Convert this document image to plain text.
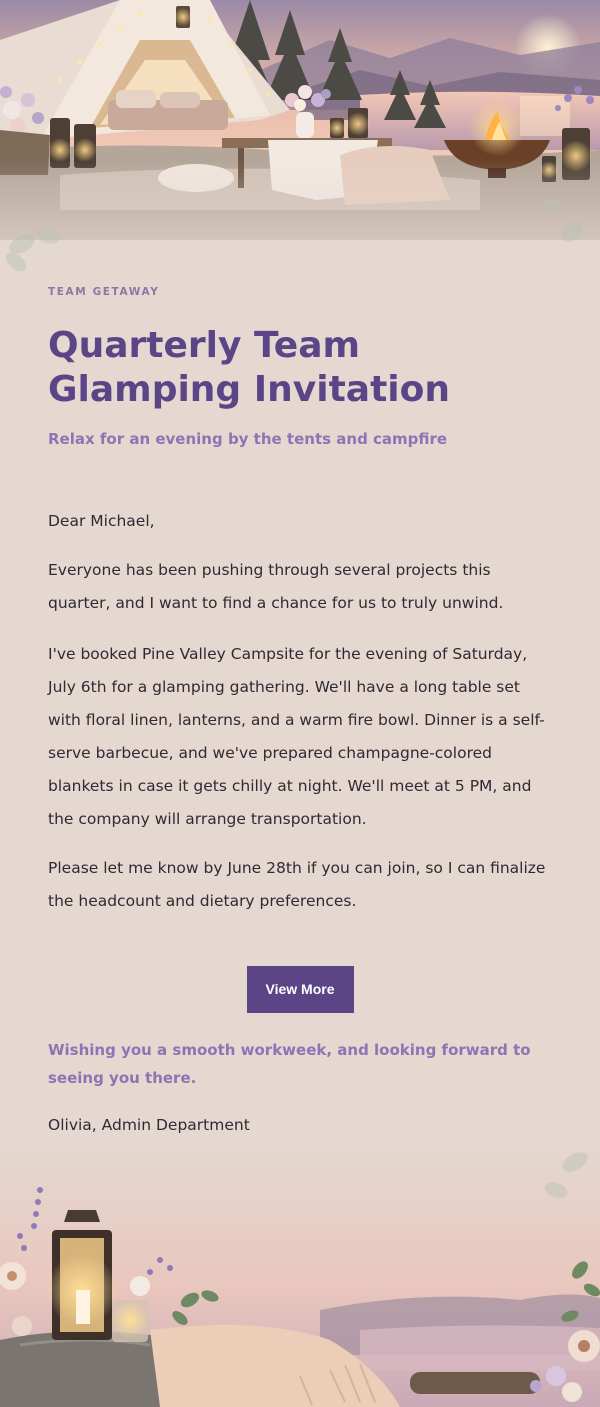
TEAM GETAWAY
Quarterly Team Glamping Invitation
Relax for an evening by the tents and campfire

Dear Michael,

Everyone has been pushing through several projects this quarter, and I want to find a chance for us to truly unwind.

I've booked Pine Valley Campsite for the evening of Saturday, July 6th for a glamping gathering. We'll have a long table set with floral linen, lanterns, and a warm fire bowl. Dinner is a self-serve barbecue, and we've prepared champagne-colored blankets in case it gets chilly at night. We'll meet at 5 PM, and the company will arrange transportation.

Please let me know by June 28th if you can join, so I can finalize the headcount and dietary preferences.

View More
Wishing you a smooth workweek, and looking forward to seeing you there.
Olivia, Admin Department
